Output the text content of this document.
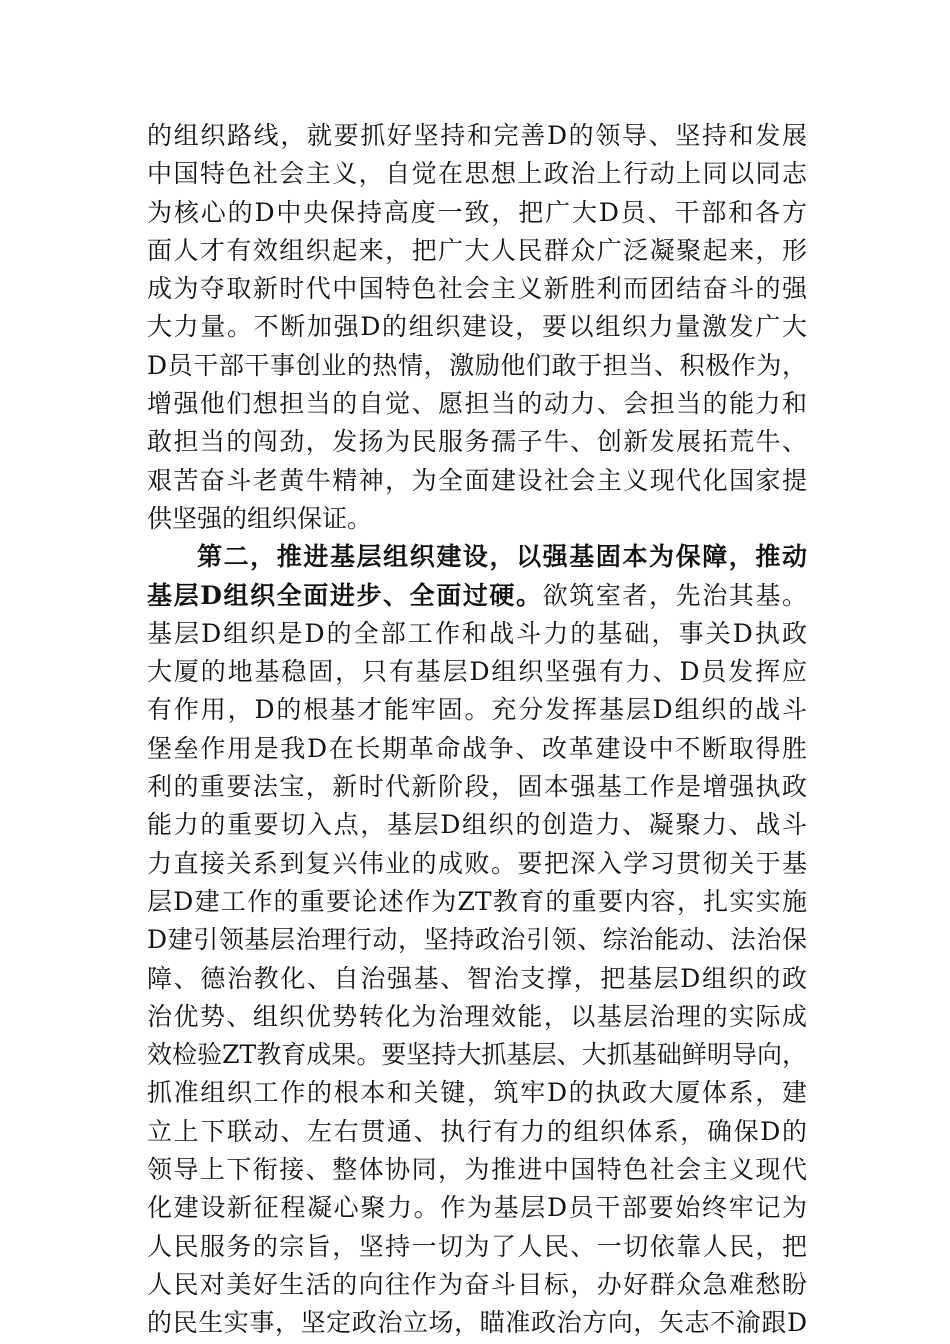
的组织路线，就要抓好坚持和完善D的领导、坚持和发展
中国特色社会主义，自觉在思想上政治上行动上同以同志
为核心的D中央保持高度一致，把广大D员、干部和各方
面人才有效组织起来，把广大人民群众广泛凝聚起来，形
成为夺取新时代中国特色社会主义新胜利而团结奋斗的强
大力量。不断加强D的组织建设，要以组织力量激发广大
D员干部干事创业的热情，激励他们敢于担当、积极作为，
增强他们想担当的自觉、愿担当的动力、会担当的能力和
敢担当的闯劲，发扬为民服务孺子牛、创新发展拓荒牛、
艰苦奋斗老黄牛精神，为全面建设社会主义现代化国家提
供坚强的组织保证。
第二，推进基层组织建设，以强基固本为保障，推动
基层D组织全面进步、全面过硬。欲筑室者，先治其基。
基层D组织是D的全部工作和战斗力的基础，事关D执政
大厦的地基稳固，只有基层D组织坚强有力、D员发挥应
有作用，D的根基才能牢固。充分发挥基层D组织的战斗
堡垒作用是我D在长期革命战争、改革建设中不断取得胜
利的重要法宝，新时代新阶段，固本强基工作是增强执政
能力的重要切入点，基层D组织的创造力、凝聚力、战斗
力直接关系到复兴伟业的成败。要把深入学习贯彻关于基
层D建工作的重要论述作为ZT教育的重要内容，扎实实施
D建引领基层治理行动，坚持政治引领、综治能动、法治保
障、德治教化、自治强基、智治支撑，把基层D组织的政
治优势、组织优势转化为治理效能，以基层治理的实际成
效检验ZT教育成果。要坚持大抓基层、大抓基础鲜明导向，
抓准组织工作的根本和关键，筑牢D的执政大厦体系，建
立上下联动、左右贯通、执行有力的组织体系，确保D的
领导上下衔接、整体协同，为推进中国特色社会主义现代
化建设新征程凝心聚力。作为基层D员干部要始终牢记为
人民服务的宗旨，坚持一切为了人民、一切依靠人民，把
人民对美好生活的向往作为奋斗目标，办好群众急难愁盼
的民生实事，坚定政治立场，瞄准政治方向，矢志不渝跟D
